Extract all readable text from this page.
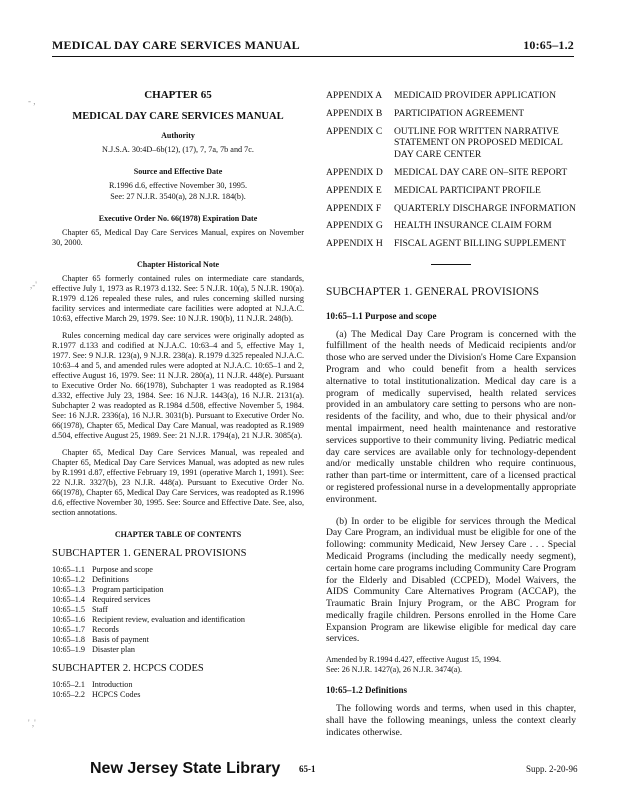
MEDICAL DAY CARE SERVICES MANUAL	10:65–1.2
- ,
,-'
' ,'
CHAPTER 65
MEDICAL DAY CARE SERVICES MANUAL
Authority
N.J.S.A. 30:4D–6b(12), (17), 7, 7a, 7b and 7c.
Source and Effective Date
R.1996 d.6, effective November 30, 1995.
See: 27 N.J.R. 3540(a), 28 N.J.R. 184(b).
Executive Order No. 66(1978) Expiration Date
Chapter 65, Medical Day Care Services Manual, expires on November 30, 2000.
Chapter Historical Note
Chapter 65 formerly contained rules on intermediate care standards, effective July 1, 1973 as R.1973 d.132. See: 5 N.J.R. 10(a), 5 N.J.R. 190(a). R.1979 d.126 repealed these rules, and rules concerning skilled nursing facility services and intermediate care facilities were adopted at N.J.A.C. 10:63, effective March 29, 1979. See: 10 N.J.R. 190(b), 11 N.J.R. 248(b).
Rules concerning medical day care services were originally adopted as R.1977 d.133 and codified at N.J.A.C. 10:63–4 and 5, effective May 1, 1977. See: 9 N.J.R. 123(a), 9 N.J.R. 238(a). R.1979 d.325 repealed N.J.A.C. 10:63–4 and 5, and amended rules were adopted at N.J.A.C. 10:65–1 and 2, effective August 16, 1979. See: 11 N.J.R. 280(a), 11 N.J.R. 448(e). Pursuant to Executive Order No. 66(1978), Subchapter 1 was readopted as R.1984 d.332, effective July 23, 1984. See: 16 N.J.R. 1443(a), 16 N.J.R. 2131(a). Subchapter 2 was readopted as R.1984 d.508, effective November 5, 1984. See: 16 N.J.R. 2336(a), 16 N.J.R. 3031(b). Pursuant to Executive Order No. 66(1978), Chapter 65, Medical Day Care Manual, was readopted as R.1989 d.504, effective August 25, 1989. See: 21 N.J.R. 1794(a), 21 N.J.R. 3085(a).
Chapter 65, Medical Day Care Services Manual, was repealed and Chapter 65, Medical Day Care Services Manual, was adopted as new rules by R.1991 d.87, effective February 19, 1991 (operative March 1, 1991). See: 22 N.J.R. 3327(b), 23 N.J.R. 448(a). Pursuant to Executive Order No. 66(1978), Chapter 65, Medical Day Care Services, was readopted as R.1996 d.6, effective November 30, 1995. See: Source and Effective Date. See, also, section annotations.
CHAPTER TABLE OF CONTENTS
SUBCHAPTER 1. GENERAL PROVISIONS
10:65–1.1 Purpose and scope
10:65–1.2 Definitions
10:65–1.3 Program participation
10:65–1.4 Required services
10:65–1.5 Staff
10:65–1.6 Recipient review, evaluation and identification
10:65–1.7 Records
10:65–1.8 Basis of payment
10:65–1.9 Disaster plan
SUBCHAPTER 2. HCPCS CODES
10:65–2.1 Introduction
10:65–2.2 HCPCS Codes
APPENDIX A	MEDICAID PROVIDER APPLICATION
APPENDIX B	PARTICIPATION AGREEMENT
APPENDIX C	OUTLINE FOR WRITTEN NARRATIVE STATEMENT ON PROPOSED MEDICAL DAY CARE CENTER
APPENDIX D	MEDICAL DAY CARE ON–SITE REPORT
APPENDIX E	MEDICAL PARTICIPANT PROFILE
APPENDIX F	QUARTERLY DISCHARGE INFORMATION
APPENDIX G	HEALTH INSURANCE CLAIM FORM
APPENDIX H	FISCAL AGENT BILLING SUPPLEMENT
SUBCHAPTER 1. GENERAL PROVISIONS
10:65–1.1 Purpose and scope
(a) The Medical Day Care Program is concerned with the fulfillment of the health needs of Medicaid recipients and/or those who are served under the Division's Home Care Expansion Program and who could benefit from a health services alternative to total institutionalization. Medical day care is a program of medically supervised, health related services provided in an ambulatory care setting to persons who are non-residents of the facility, and who, due to their physical and/or mental impairment, need health maintenance and restorative services supportive to their community living. Pediatric medical day care services are available only for technology-dependent and/or medically unstable children who require continuous, rather than part-time or intermittent, care of a licensed practical or registered professional nurse in a developmentally appropriate environment.
(b) In order to be eligible for services through the Medical Day Care Program, an individual must be eligible for one of the following: community Medicaid, New Jersey Care . . . Special Medicaid Programs (including the medically needy segment), certain home care programs including Community Care Program for the Elderly and Disabled (CCPED), Model Waivers, the AIDS Community Care Alternatives Program (ACCAP), the Traumatic Brain Injury Program, or the ABC Program for medically fragile children. Persons enrolled in the Home Care Expansion Program are likewise eligible for medical day care services.
Amended by R.1994 d.427, effective August 15, 1994.
See: 26 N.J.R. 1427(a), 26 N.J.R. 3474(a).
10:65–1.2 Definitions
The following words and terms, when used in this chapter, shall have the following meanings, unless the context clearly indicates otherwise.
New Jersey State Library 65-1	Supp. 2-20-96
